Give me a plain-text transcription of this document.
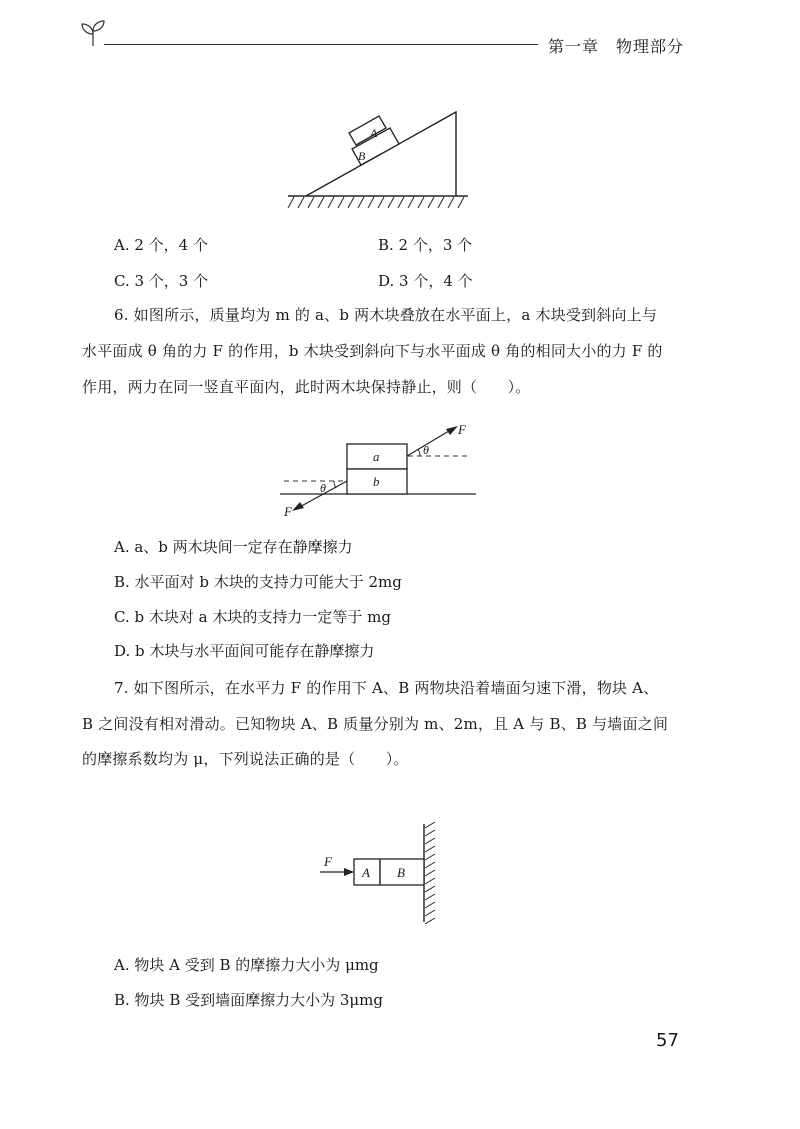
第一章　物理部分
A
B
A. 2 个，4 个	B. 2 个，3 个
C. 3 个，3 个	D. 3 个，4 个
6. 如图所示，质量均为 m 的 a、b 两木块叠放在水平面上，a 木块受到斜向上与
水平面成 θ 角的力 F 的作用，b 木块受到斜向下与水平面成 θ 角的相同大小的力 F 的
作用，两力在同一竖直平面内，此时两木块保持静止，则（　　）。
a
b
F
θ
F
θ
A. a、b 两木块间一定存在静摩擦力
B. 水平面对 b 木块的支持力可能大于 2mg
C. b 木块对 a 木块的支持力一定等于 mg
D. b 木块与水平面间可能存在静摩擦力
7. 如下图所示，在水平力 F 的作用下 A、B 两物块沿着墙面匀速下滑，物块 A、
B 之间没有相对滑动。已知物块 A、B 质量分别为 m、2m，且 A 与 B、B 与墙面之间
的摩擦系数均为 μ，下列说法正确的是（　　）。
A B
F
A. 物块 A 受到 B 的摩擦力大小为 μmg
B. 物块 B 受到墙面摩擦力大小为 3μmg
57
